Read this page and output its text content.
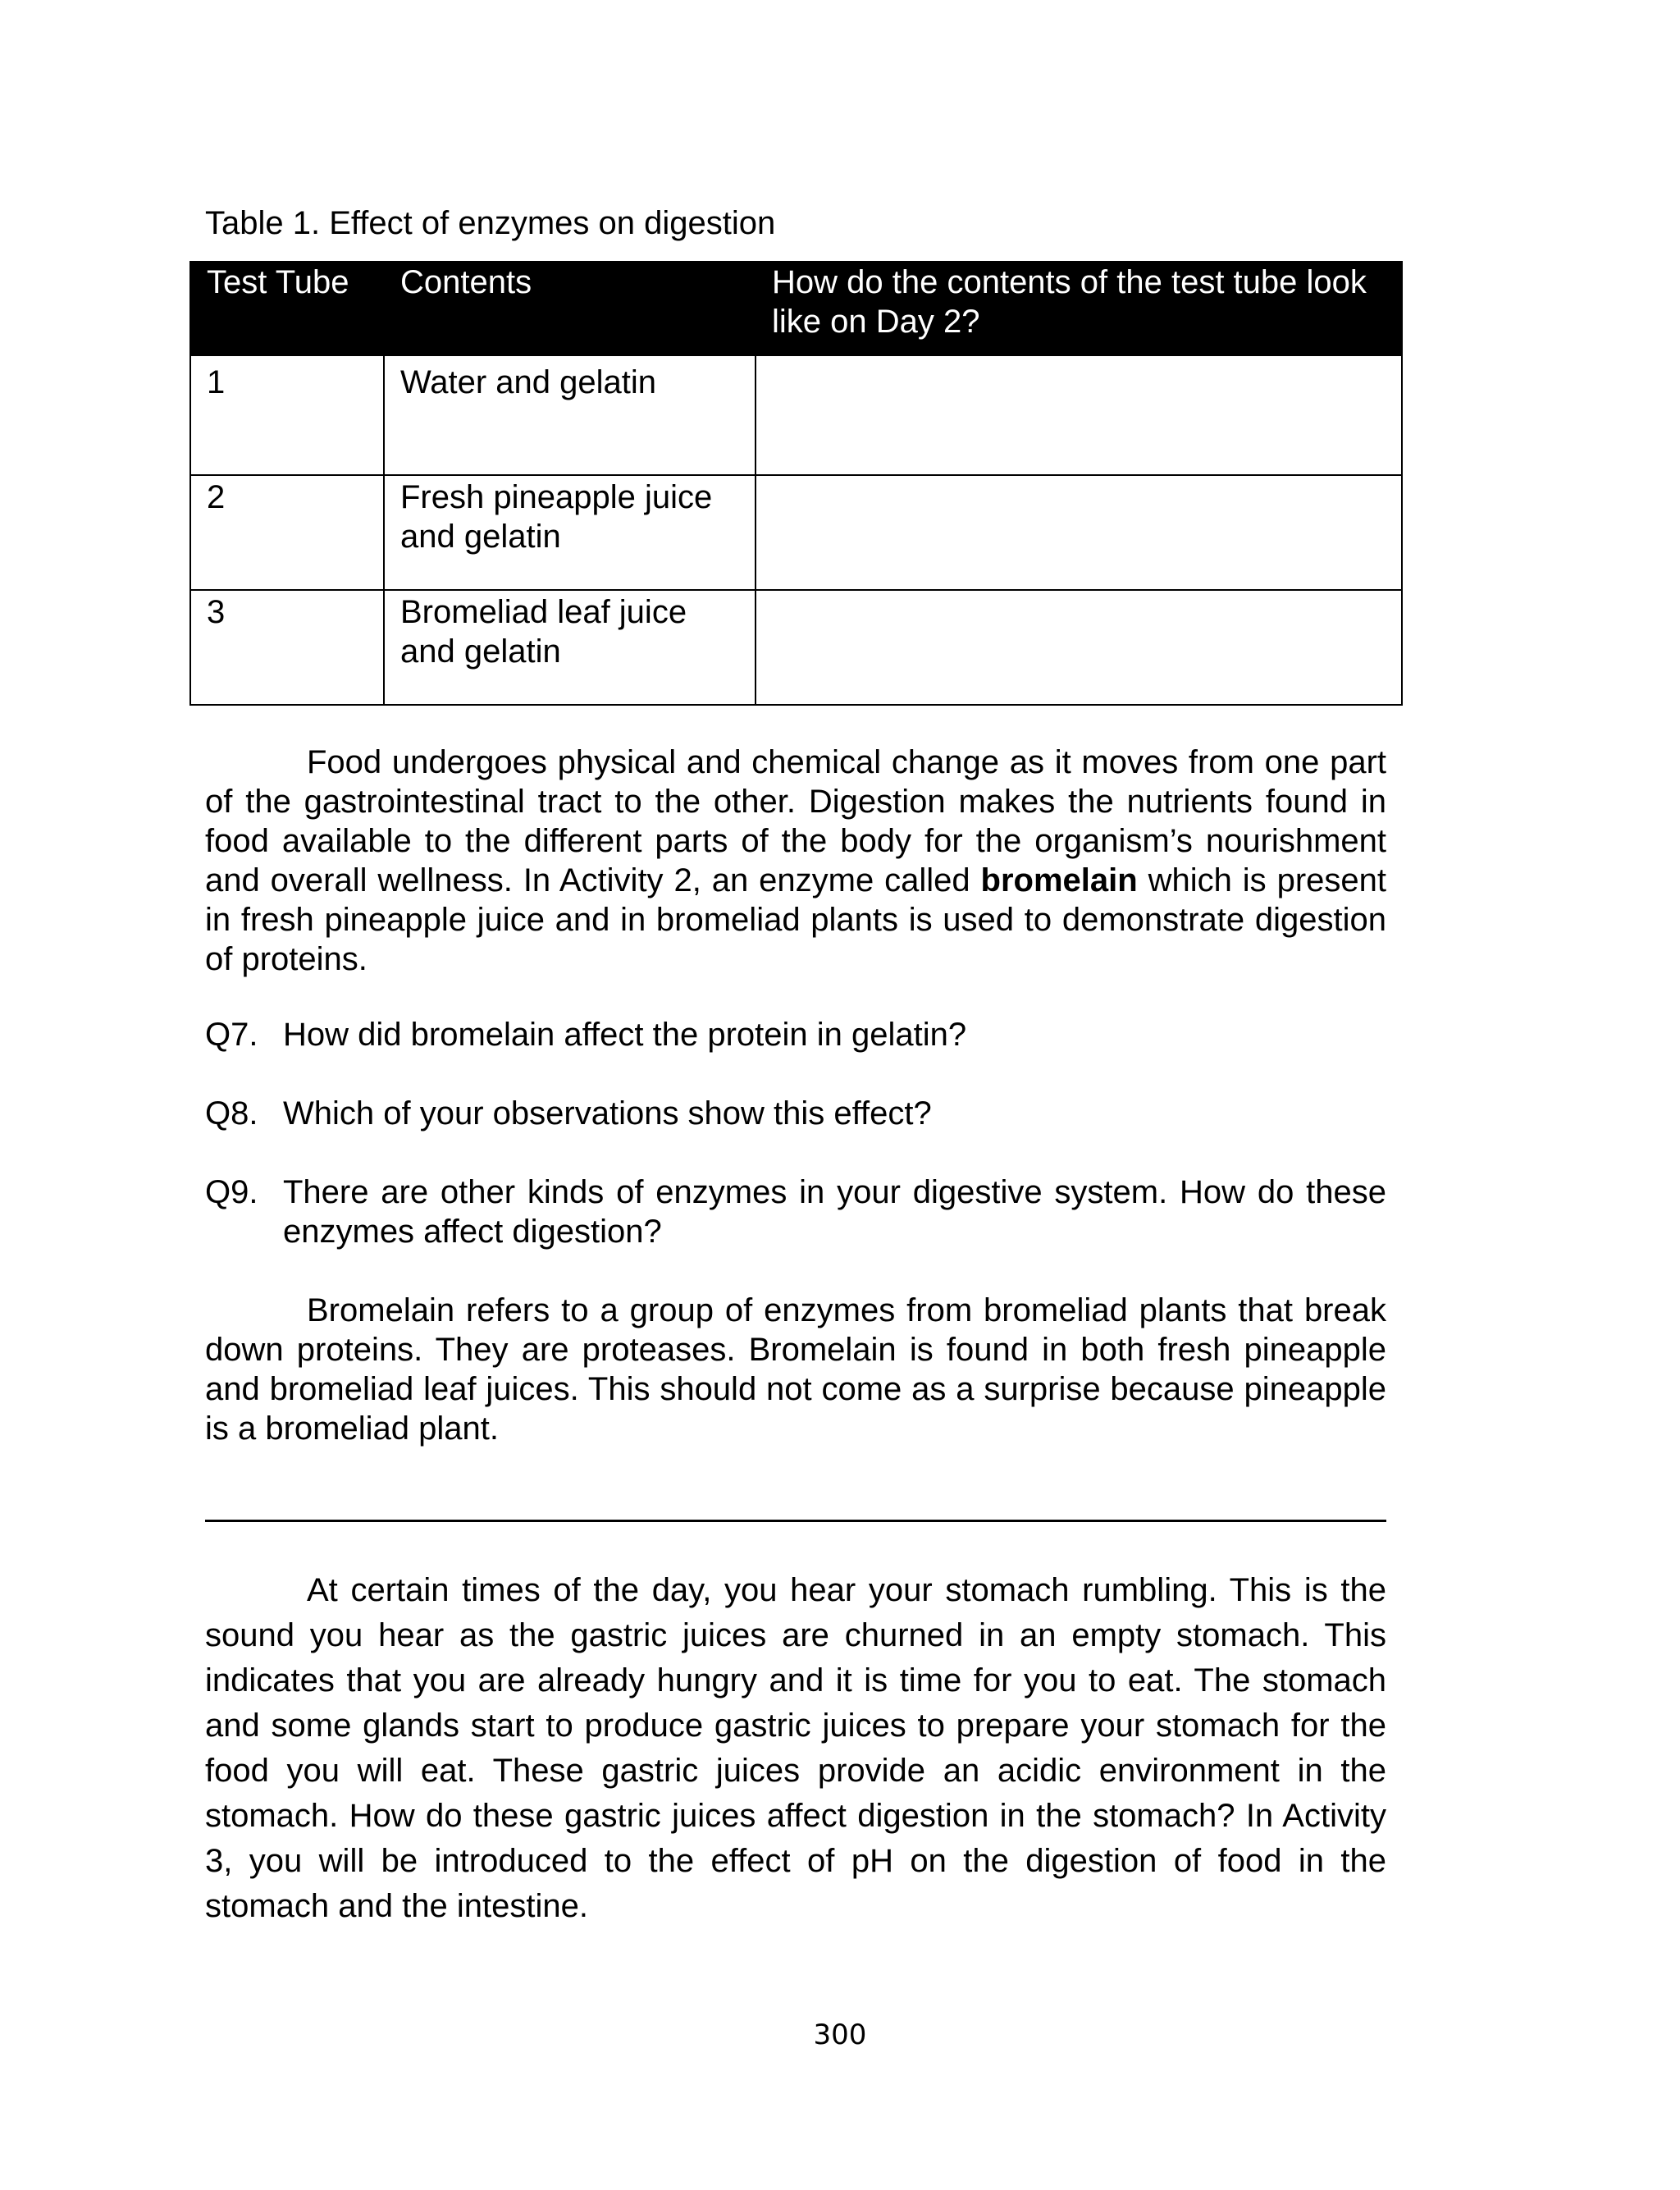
Table 1. Effect of enzymes on digestion
Test Tube	Contents	How do the contents of the test tube look like on Day 2?
1	Water and gelatin	
2	Fresh pineapple juice and gelatin	
3	Bromeliad leaf juice and gelatin	

Food undergoes physical and chemical change as it moves from one part of the gastrointestinal tract to the other. Digestion makes the nutrients found in food available to the different parts of the body for the organism’s nourishment and overall wellness. In Activity 2, an enzyme called bromelain which is present in fresh pineapple juice and in bromeliad plants is used to demonstrate digestion of proteins.

Q7. How did bromelain affect the protein in gelatin?

Q8. Which of your observations show this effect?

Q9. There are other kinds of enzymes in your digestive system. How do these enzymes affect digestion?

Bromelain refers to a group of enzymes from bromeliad plants that break down proteins. They are proteases. Bromelain is found in both fresh pineapple and bromeliad leaf juices. This should not come as a surprise because pineapple is a bromeliad plant.

At certain times of the day, you hear your stomach rumbling. This is the sound you hear as the gastric juices are churned in an empty stomach. This indicates that you are already hungry and it is time for you to eat. The stomach and some glands start to produce gastric juices to prepare your stomach for the food you will eat. These gastric juices provide an acidic environment in the stomach. How do these gastric juices affect digestion in the stomach? In Activity 3, you will be introduced to the effect of pH on the digestion of food in the stomach and the intestine.

300
